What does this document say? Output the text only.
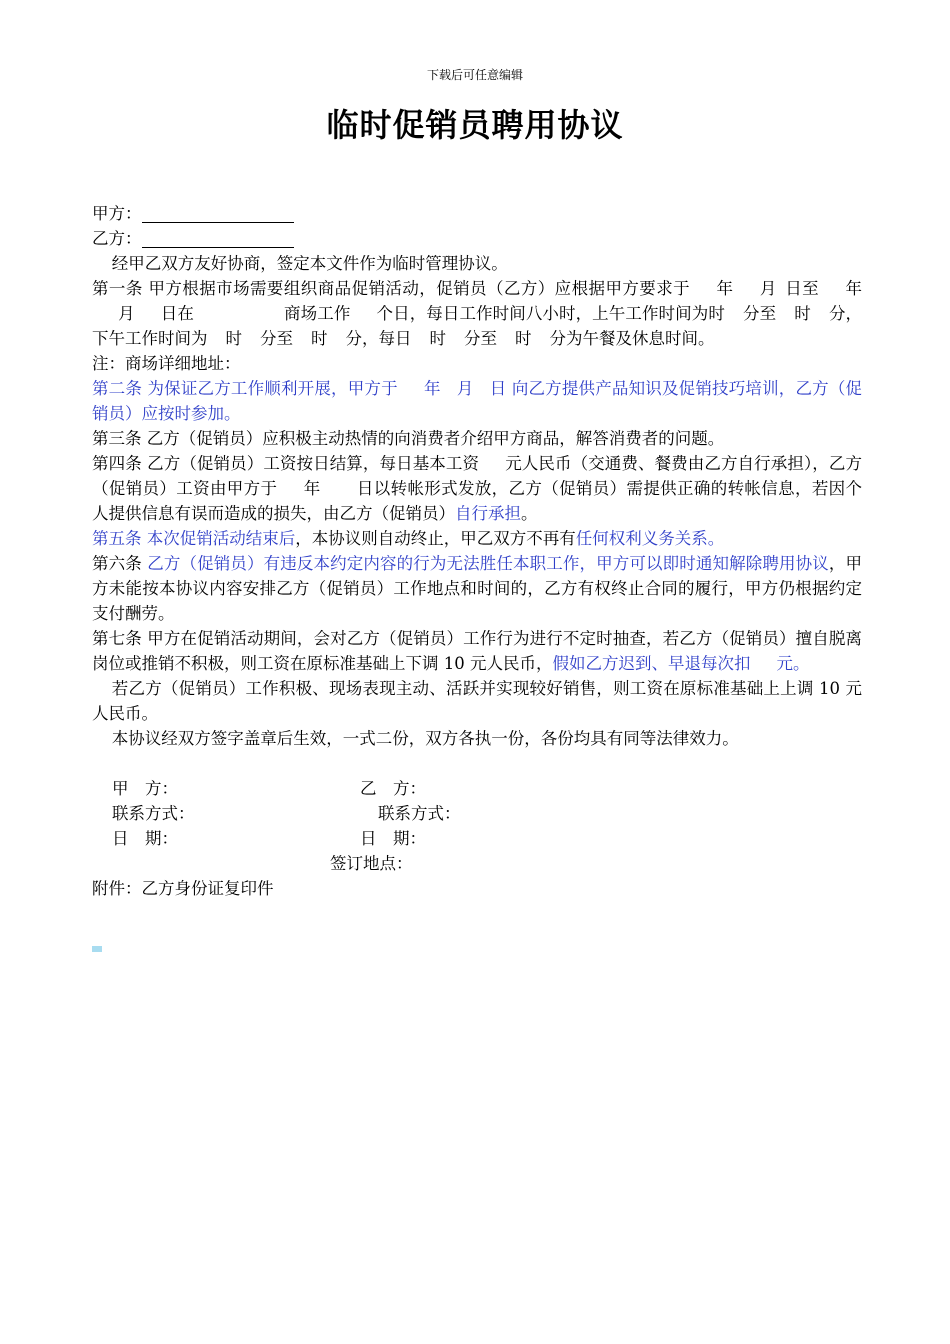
下载后可任意编辑
临时促销员聘用协议
甲方：
乙方：
经甲乙双方友好协商，签定本文件作为临时管理协议。
第一条 甲方根据市场需要组织商品促销活动，促销员（乙方）应根据甲方要求于 年 月 日至 年月 日在	商场工作 个日，每日工作时间八小时，上午工作时间为时 分至 时 分，下午工作时间为 时 分至 时 分，每日 时 分至 时 分为午餐及休息时间。
注：商场详细地址：
第二条 为保证乙方工作顺利开展，甲方于 年 月 日 向乙方提供产品知识及促销技巧培训，乙方（促销员）应按时参加。
第三条 乙方（促销员）应积极主动热情的向消费者介绍甲方商品，解答消费者的问题。
第四条 乙方（促销员）工资按日结算，每日基本工资 元人民币（交通费、餐费由乙方自行承担），乙方（促销员）工资由甲方于 年 日以转帐形式发放，乙方（促销员）需提供正确的转帐信息，若因个人提供信息有误而造成的损失，由乙方（促销员）自行承担。
第五条 本次促销活动结束后，本协议则自动终止，甲乙双方不再有任何权利义务关系。
第六条 乙方（促销员）有违反本约定内容的行为无法胜任本职工作，甲方可以即时通知解除聘用协议，甲方未能按本协议内容安排乙方（促销员）工作地点和时间的，乙方有权终止合同的履行，甲方仍根据约定支付酬劳。
第七条 甲方在促销活动期间，会对乙方（促销员）工作行为进行不定时抽查，若乙方（促销员）擅自脱离岗位或推销不积极，则工资在原标准基础上下调 10 元人民币，假如乙方迟到、早退每次扣 元。
若乙方（促销员）工作积极、现场表现主动、活跃并实现较好销售，则工资在原标准基础上上调 10 元人民币。
本协议经双方签字盖章后生效，一式二份，双方各执一份，各份均具有同等法律效力。
甲　方：	乙　方：
联系方式：	联系方式：
日　期：	日　期：
签订地点：
附件：乙方身份证复印件
